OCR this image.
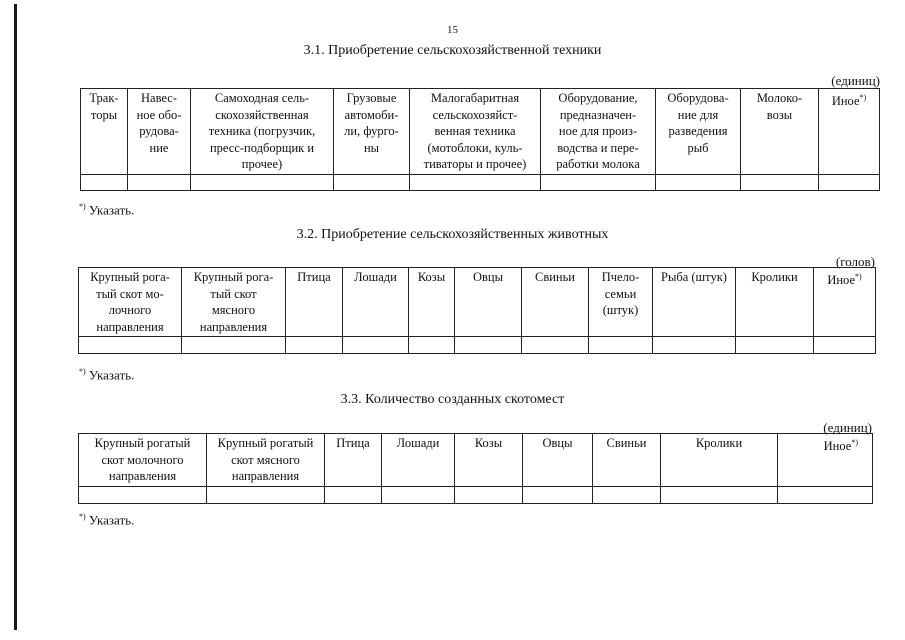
15
3.1. Приобретение сельскохозяйственной техники
(единиц)
Трак-
торы	Навес-
ное обо-
рудова-
ние	Самоходная сель-
скохозяйственная
техника (погрузчик,
пресс-подборщик и
прочее)	Грузовые
автомоби-
ли, фурго-
ны	Малогабаритная
сельскохозяйст-
венная техника
(мотоблоки, куль-
тиваторы и прочее)	Оборудование,
предназначен-
ное для произ-
водства и пере-
работки молока	Оборудова-
ние для
разведения
рыб	Молоко-
возы	Иное*)

*) Указать.
3.2. Приобретение сельскохозяйственных животных
(голов)
Крупный рога-
тый скот мо-
лочного
направления	Крупный рога-
тый скот
мясного
направления	Птица	Лошади	Козы	Овцы	Свиньи	Пчело-
семьи
(штук)	Рыба (штук)	Кролики	Иное*)

*) Указать.
3.3. Количество созданных скотомест
(единиц)
Крупный рогатый
скот молочного
направления	Крупный рогатый
скот мясного
направления	Птица	Лошади	Козы	Овцы	Свиньи	Кролики	Иное*)

*) Указать.
